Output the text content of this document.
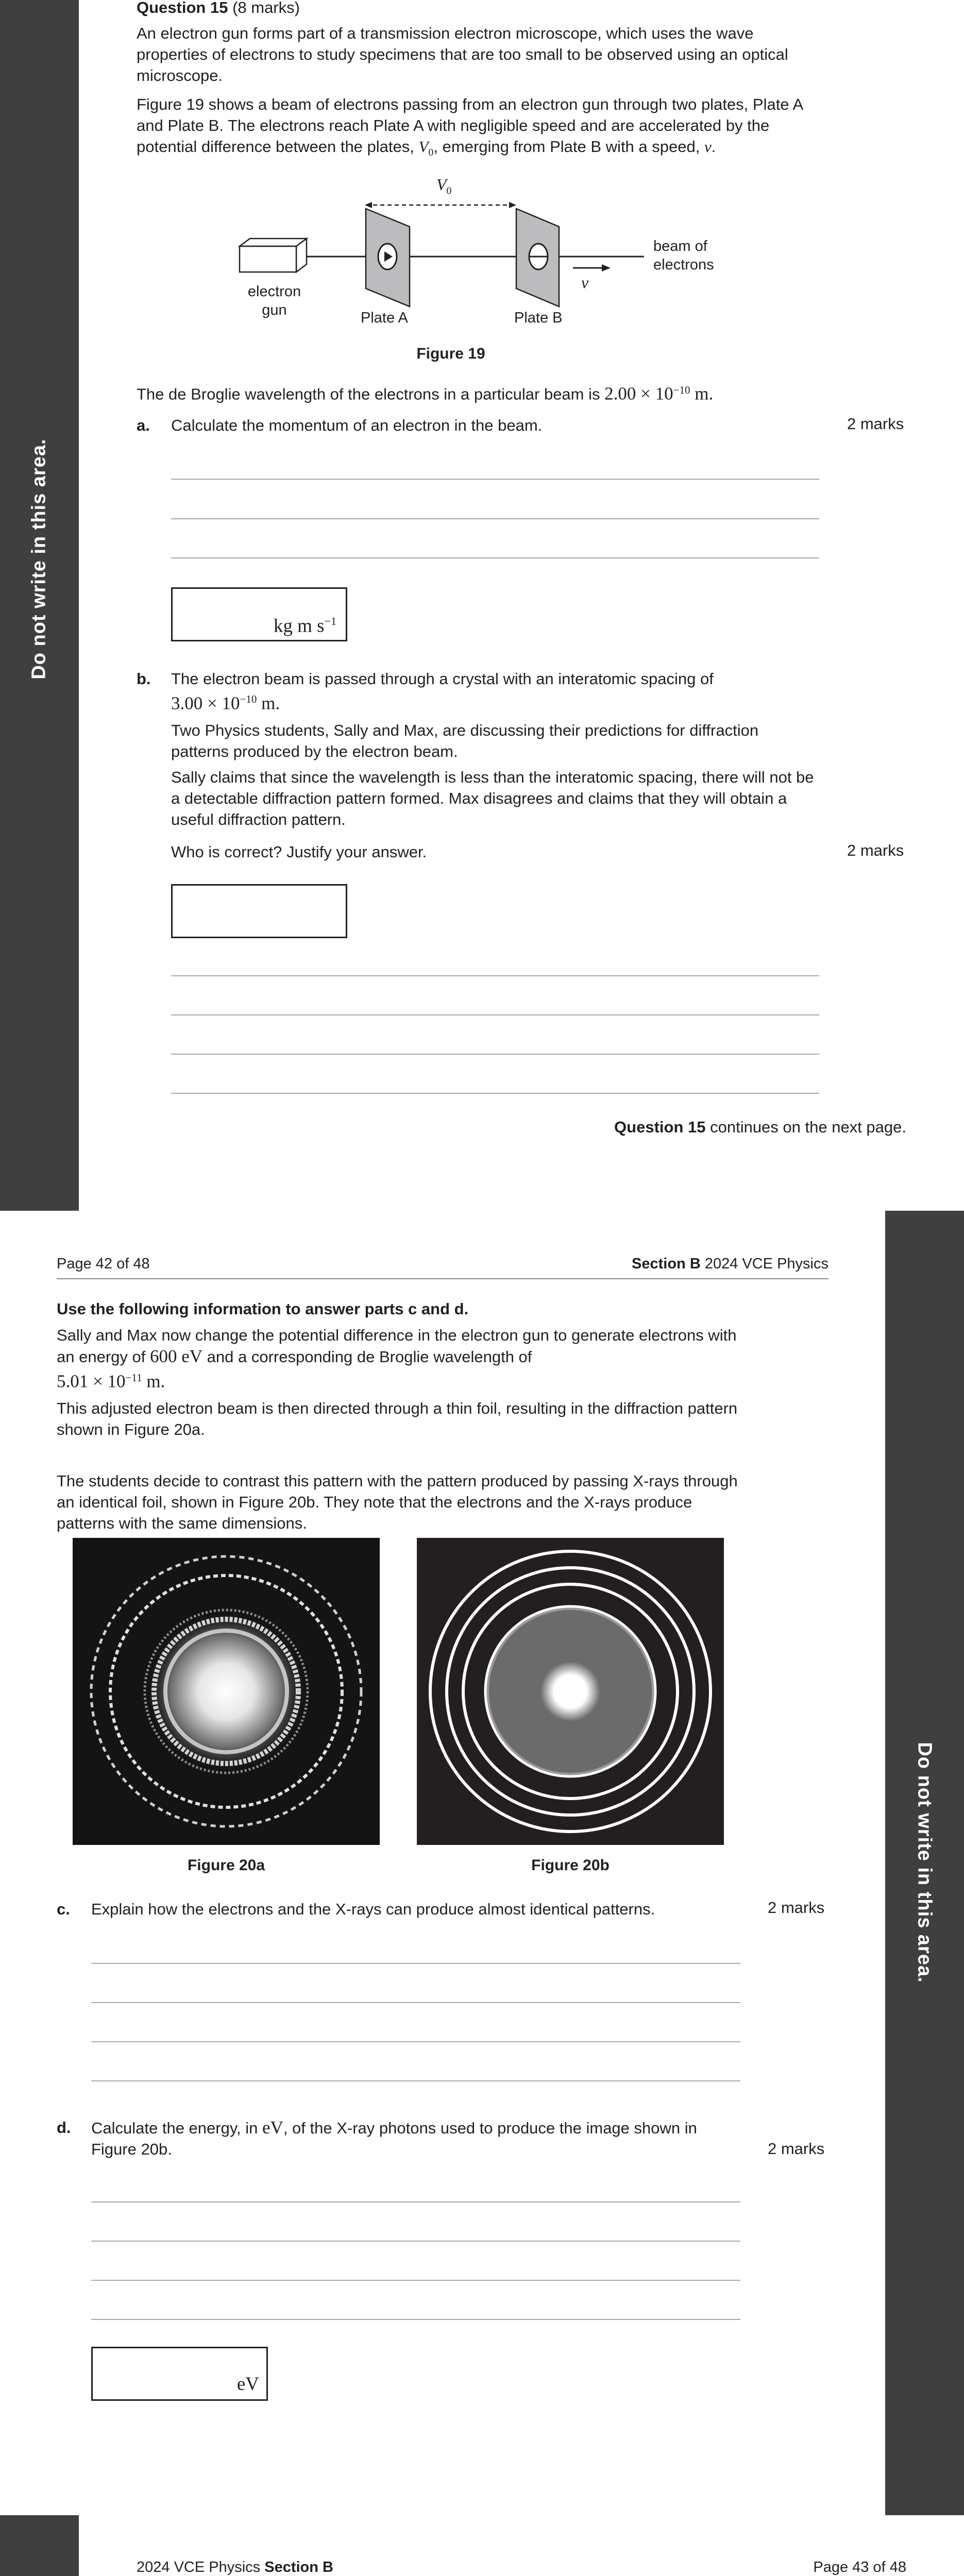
Do not write in this area.
Question 15 (8 marks)

An electron gun forms part of a transmission electron microscope, which uses the wave properties of electrons to study specimens that are too small to be observed using an optical microscope.

Figure 19 shows a beam of electrons passing from an electron gun through two plates, Plate A and Plate B. The electrons reach Plate A with negligible speed and are accelerated by the potential difference between the plates, $V_0$, emerging from Plate B with a speed, v.

$V_0$
electron
gun	Plate A	Plate B
v
beam of
electrons
Figure 19

The de Broglie wavelength of the electrons in a particular beam is $2.00 \times 10^{-10}$ m.

a. Calculate the momentum of an electron in the beam.	2 marks
kg m $s^{-1}$
b. The electron beam is passed through a crystal with an interatomic spacing of
$3.00 \times 10^{-10}$ m.

Two Physics students, Sally and Max, are discussing their predictions for diffraction patterns produced by the electron beam.

Sally claims that since the wavelength is less than the interatomic spacing, there will not be a detectable diffraction pattern formed. Max disagrees and claims that they will obtain a useful diffraction pattern.

Who is correct? Justify your answer.	2 marks
Question 15 continues on the next page.
Do not write in this area.
Page 42 of 48	Section B 2024 VCE Physics
Use the following information to answer parts c and d.

Sally and Max now change the potential difference in the electron gun to generate electrons with an energy of 600 eV and a corresponding de Broglie wavelength of
$5.01 \times 10^{-11}$ m.

This adjusted electron beam is then directed through a thin foil, resulting in the diffraction pattern shown in Figure 20a.

The students decide to contrast this pattern with the pattern produced by passing X-rays through an identical foil, shown in Figure 20b. They note that the electrons and the X-rays produce patterns with the same dimensions.

Figure 20a	Figure 20b
c. Explain how the electrons and the X-rays can produce almost identical patterns.	2 marks
d. Calculate the energy, in eV, of the X-ray photons used to produce the image shown in Figure 20b.	2 marks
eV
2024 VCE Physics Section B	Page 43 of 48
